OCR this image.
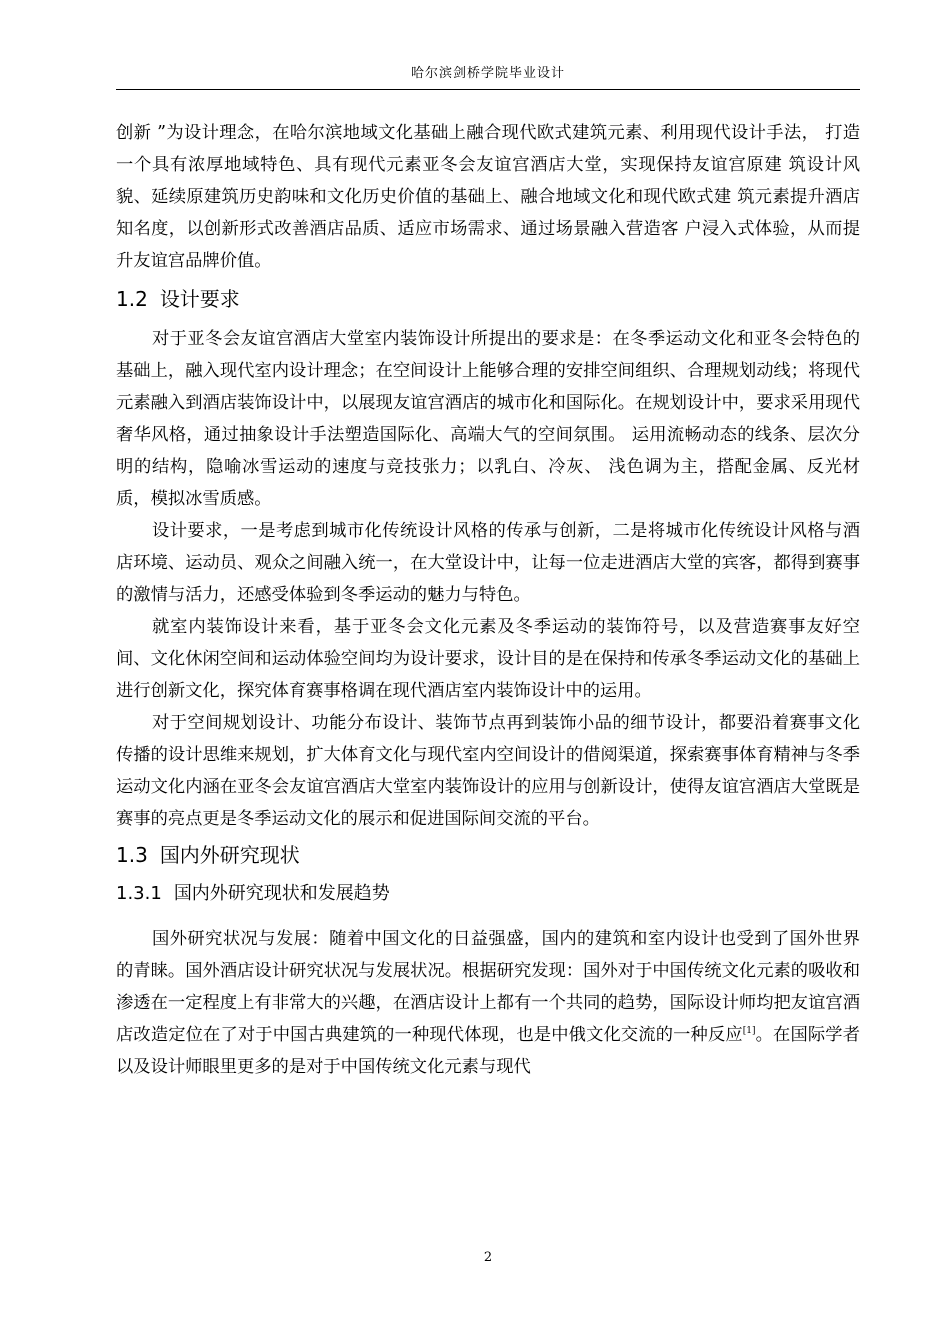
哈尔滨剑桥学院毕业设计

创新 ”为设计理念，在哈尔滨地域文化基础上融合现代欧式建筑元素、利用现代设计手法， 打造一个具有浓厚地域特色、具有现代元素亚冬会友谊宫酒店大堂，实现保持友谊宫原建 筑设计风貌、延续原建筑历史韵味和文化历史价值的基础上、融合地域文化和现代欧式建 筑元素提升酒店知名度，以创新形式改善酒店品质、适应市场需求、通过场景融入营造客 户浸入式体验，从而提升友谊宫品牌价值。

1.2 设计要求

对于亚冬会友谊宫酒店大堂室内装饰设计所提出的要求是：在冬季运动文化和亚冬会特色的基础上，融入现代室内设计理念；在空间设计上能够合理的安排空间组织、合理规划动线；将现代元素融入到酒店装饰设计中，以展现友谊宫酒店的城市化和国际化。在规划设计中，要求采用现代奢华风格，通过抽象设计手法塑造国际化、高端大气的空间氛围。 运用流畅动态的线条、层次分明的结构，隐喻冰雪运动的速度与竞技张力；以乳白、冷灰、 浅色调为主，搭配金属、反光材质，模拟冰雪质感。

设计要求，一是考虑到城市化传统设计风格的传承与创新，二是将城市化传统设计风格与酒店环境、运动员、观众之间融入统一，在大堂设计中，让每一位走进酒店大堂的宾客，都得到赛事的激情与活力，还感受体验到冬季运动的魅力与特色。

就室内装饰设计来看，基于亚冬会文化元素及冬季运动的装饰符号，以及营造赛事友好空间、文化休闲空间和运动体验空间均为设计要求，设计目的是在保持和传承冬季运动文化的基础上进行创新文化，探究体育赛事格调在现代酒店室内装饰设计中的运用。

对于空间规划设计、功能分布设计、装饰节点再到装饰小品的细节设计，都要沿着赛事文化传播的设计思维来规划，扩大体育文化与现代室内空间设计的借阅渠道，探索赛事体育精神与冬季运动文化内涵在亚冬会友谊宫酒店大堂室内装饰设计的应用与创新设计，使得友谊宫酒店大堂既是赛事的亮点更是冬季运动文化的展示和促进国际间交流的平台。

1.3 国内外研究现状
1.3.1 国内外研究现状和发展趋势

国外研究状况与发展：随着中国文化的日益强盛，国内的建筑和室内设计也受到了国外世界的青睐。国外酒店设计研究状况与发展状况。根据研究发现：国外对于中国传统文化元素的吸收和渗透在一定程度上有非常大的兴趣，在酒店设计上都有一个共同的趋势，国际设计师均把友谊宫酒店改造定位在了对于中国古典建筑的一种现代体现，也是中俄文化交流的一种反应[1]。在国际学者以及设计师眼里更多的是对于中国传统文化元素与现代

2
